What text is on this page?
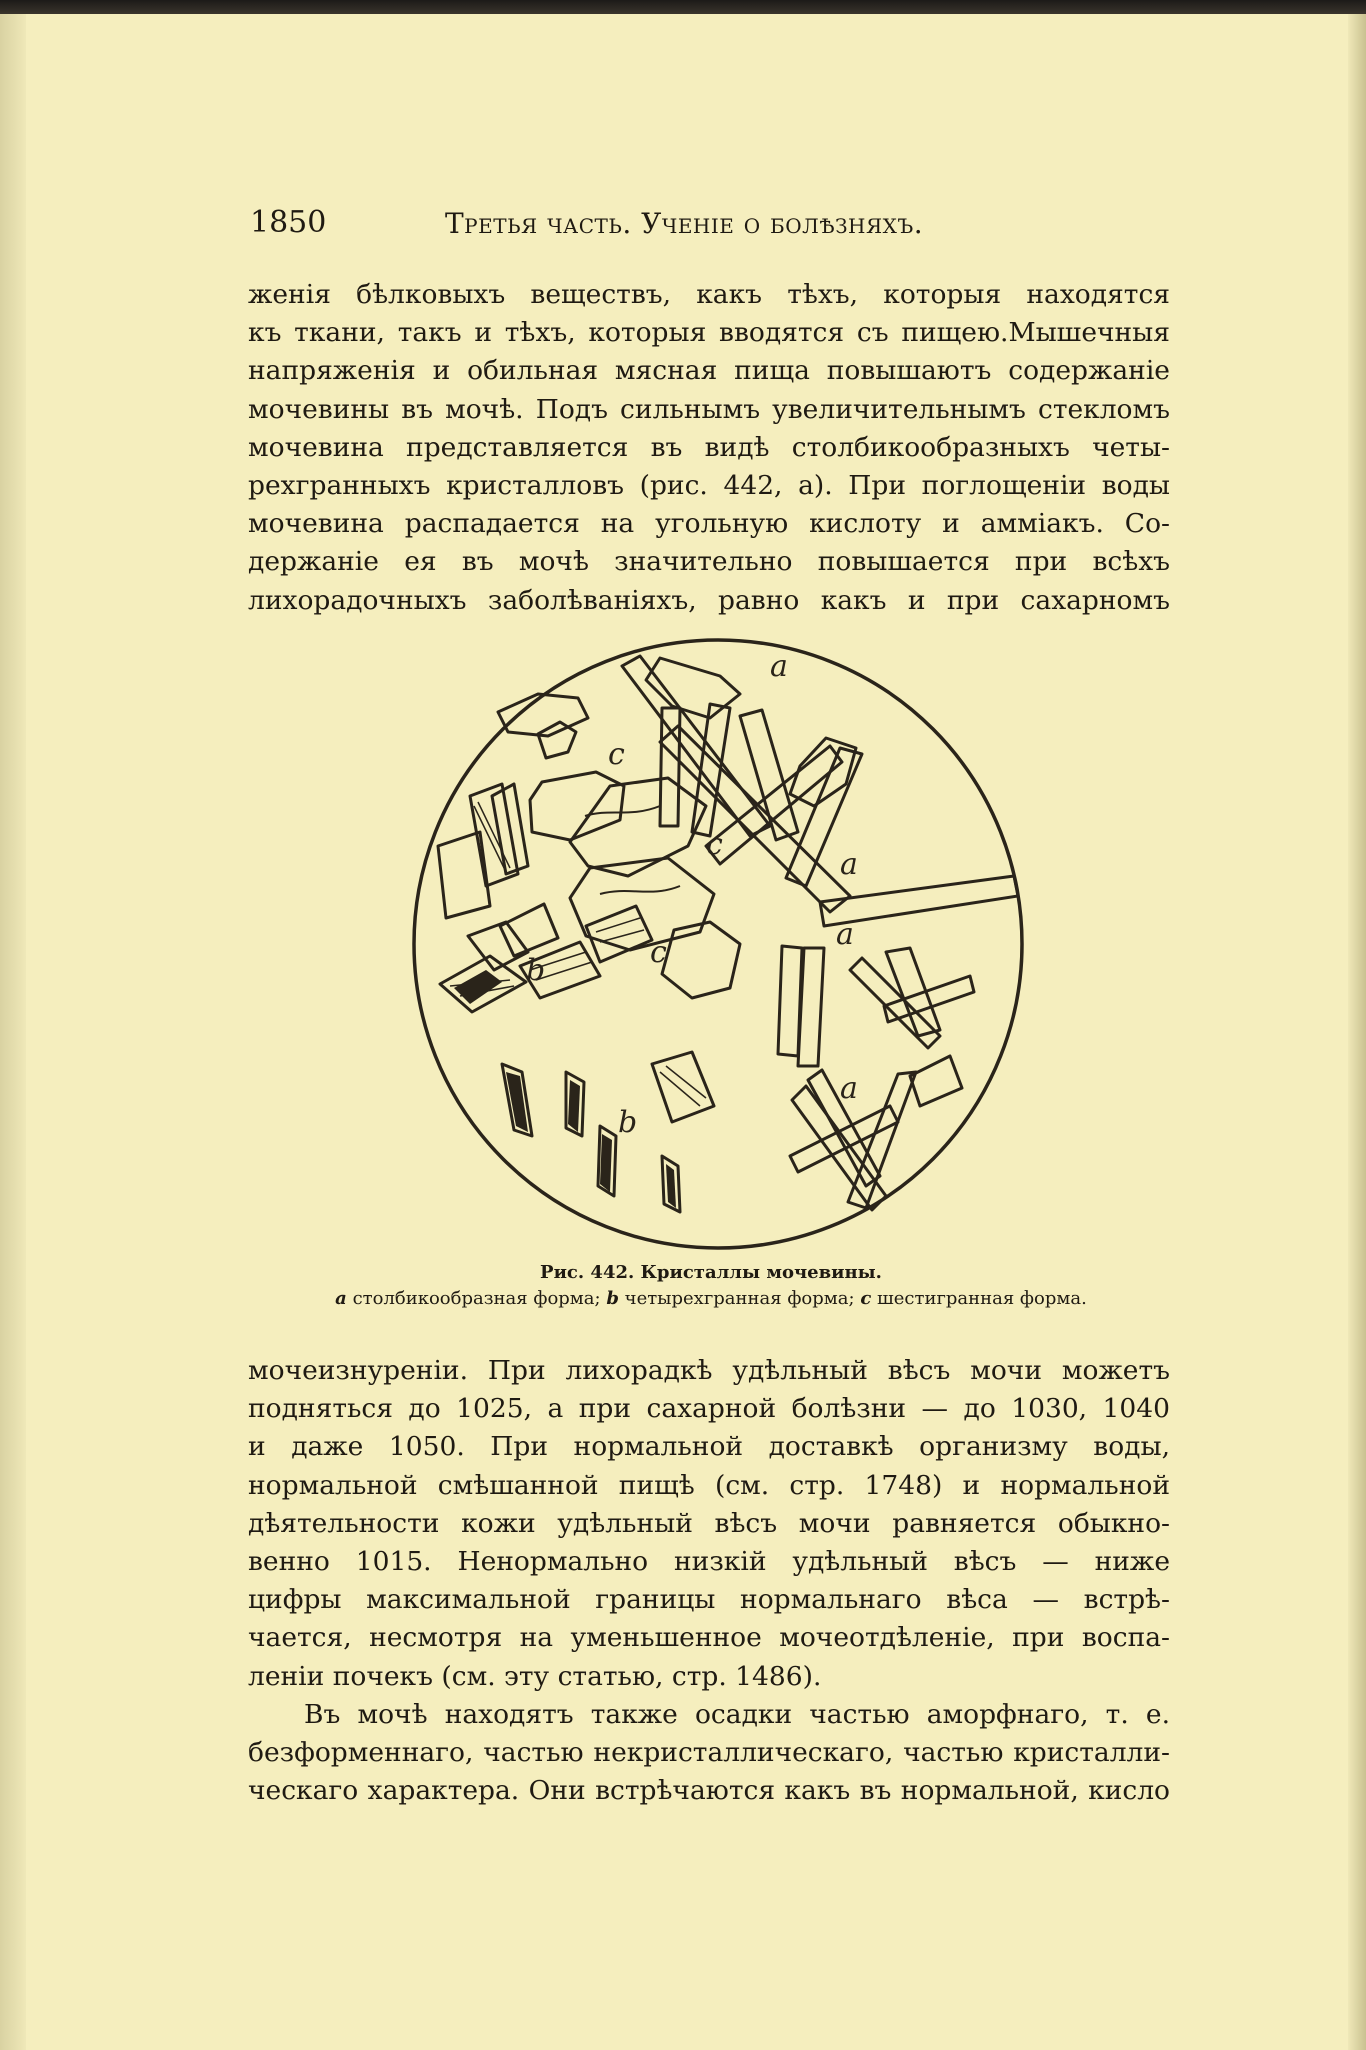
1850	Третья часть. Ученіе о болѣзняхъ.
женія бѣлковыхъ веществъ, какъ тѣхъ, которыя находятся
къ ткани, такъ и тѣхъ, которыя вводятся съ пищею.Мышечныя
напряженія и обильная мясная пища повышаютъ содержаніе
мочевины въ мочѣ. Подъ сильнымъ увеличительнымъ стекломъ
мочевина представляется въ видѣ столбикообразныхъ четы-
рехгранныхъ кристалловъ (рис. 442, а). При поглощеніи воды
мочевина распадается на угольную кислоту и амміакъ. Со-
держаніе ея въ мочѣ значительно повышается при всѣхъ
лихорадочныхъ заболѣваніяхъ, равно какъ и при сахарномъ
a
a
a
a
b
b
c
c
c
Рис. 442. Кристаллы мочевины.
a столбикообразная форма; b четырехгранная форма; c шестигранная форма.
мочеизнуреніи. При лихорадкѣ удѣльный вѣсъ мочи можетъ
подняться до 1025, а при сахарной болѣзни — до 1030, 1040
и даже 1050. При нормальной доставкѣ организму воды,
нормальной смѣшанной пищѣ (см. стр. 1748) и нормальной
дѣятельности кожи удѣльный вѣсъ мочи равняется обыкно-
венно 1015. Ненормально низкій удѣльный вѣсъ — ниже
цифры максимальной границы нормальнаго вѣса — встрѣ-
чается, несмотря на уменьшенное мочеотдѣленіе, при воспа-
леніи почекъ (см. эту статью, стр. 1486).
Въ мочѣ находятъ также осадки частью аморфнаго, т. е.
безформеннаго, частью некристаллическаго, частью кристалли-
ческаго характера. Они встрѣчаются какъ въ нормальной, кисло
